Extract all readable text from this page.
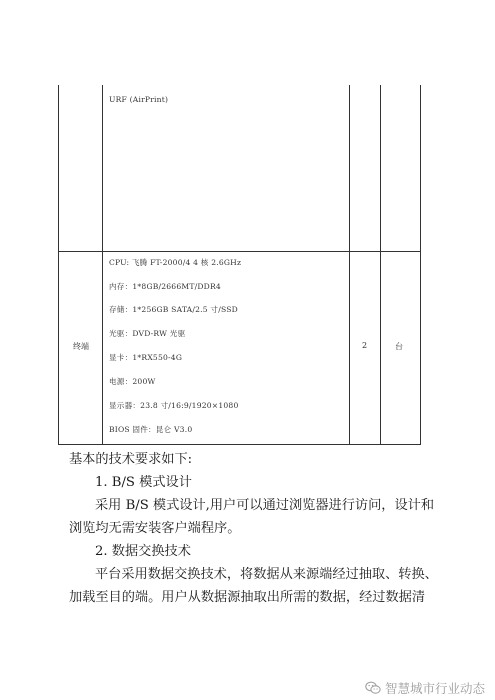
URF (AirPrint)
终端
CPU: 飞腾 FT-2000/4 4 核 2.6GHz
内存：1*8GB/2666MT/DDR4
存储：1*256GB SATA/2.5 寸/SSD
光驱：DVD-RW 光驱
显卡：1*RX550-4G
电源：200W
显示器：23.8 寸/16:9/1920×1080
BIOS 固件：昆仑 V3.0
2	台
基本的技术要求如下:
1. B/S 模式设计
采用 B/S 模式设计,用户可以通过浏览器进行访问，设计和
浏览均无需安装客户端程序。
2. 数据交换技术
平台采用数据交换技术，将数据从来源端经过抽取、转换、
加载至目的端。用户从数据源抽取出所需的数据，经过数据清
智慧城市行业动态
